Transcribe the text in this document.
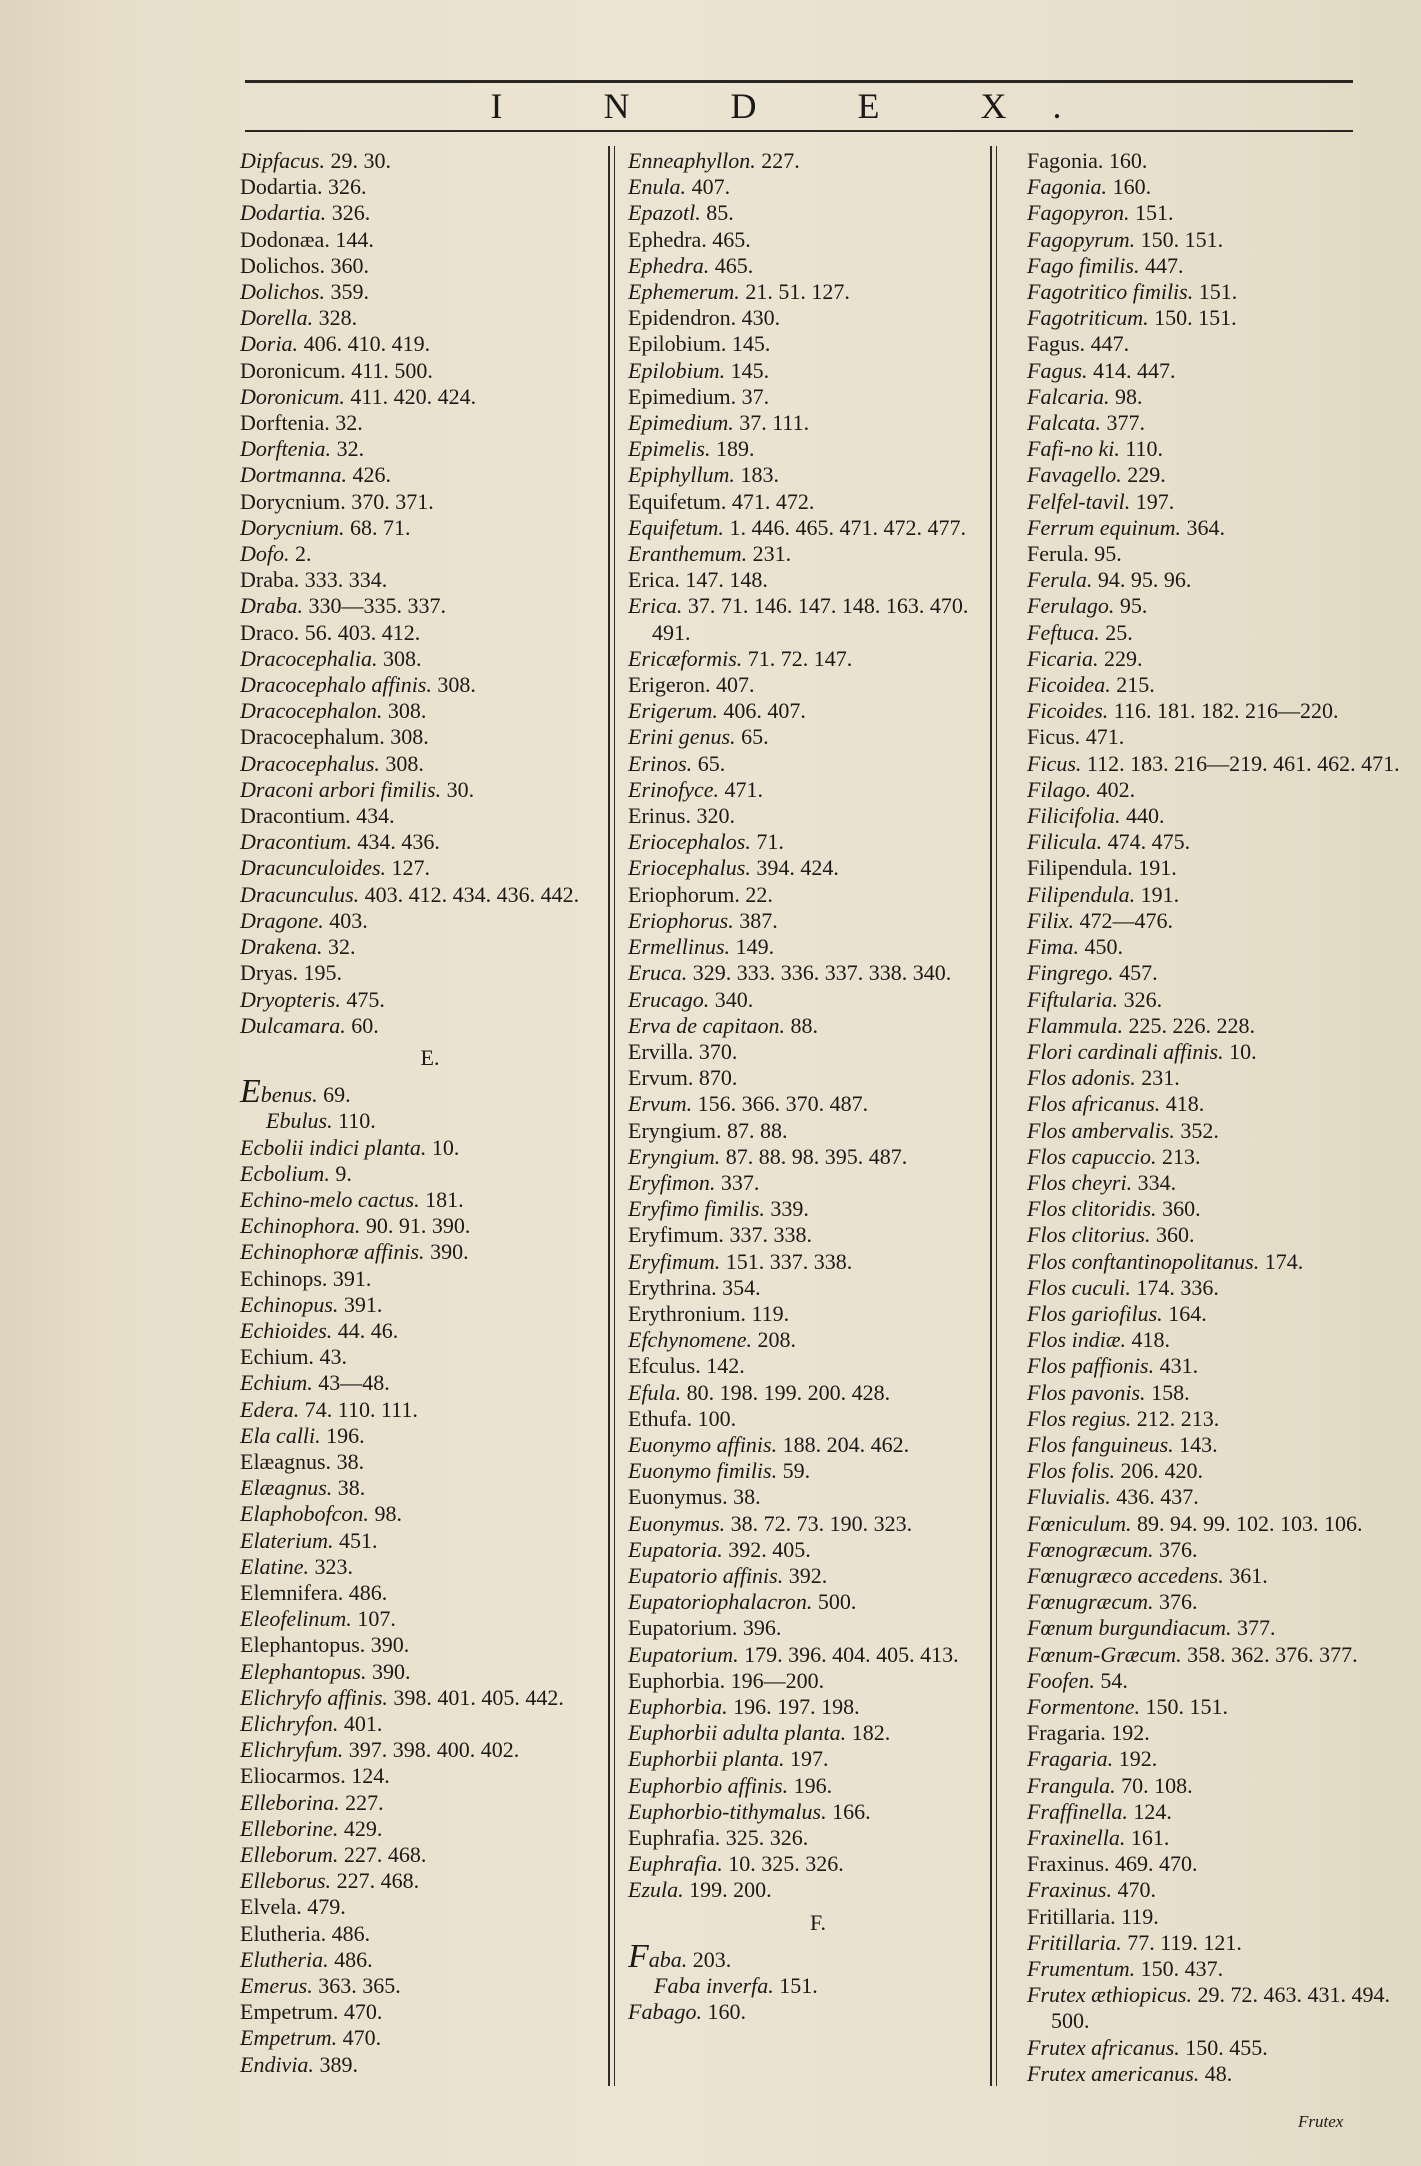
I N D E X.
Dipfacus. 29. 30.
Dodartia. 326.
Dodartia. 326.
Dodonæa. 144.
Dolichos. 360.
Dolichos. 359.
Dorella. 328.
Doria. 406. 410. 419.
Doronicum. 411. 500.
Doronicum. 411. 420. 424.
Dorftenia. 32.
Dorftenia. 32.
Dortmanna. 426.
Dorycnium. 370. 371.
Dorycnium. 68. 71.
Dofo. 2.
Draba. 333. 334.
Draba. 330—335. 337.
Draco. 56. 403. 412.
Dracocephalia. 308.
Dracocephalo affinis. 308.
Dracocephalon. 308.
Dracocephalum. 308.
Dracocephalus. 308.
Draconi arbori fimilis. 30.
Dracontium. 434.
Dracontium. 434. 436.
Dracunculoides. 127.
Dracunculus. 403. 412. 434. 436. 442.
Dragone. 403.
Drakena. 32.
Dryas. 195.
Dryopteris. 475.
Dulcamara. 60.
E.
Ebenus. 69.
Ebulus. 110.
Ecbolii indici planta. 10.
Ecbolium. 9.
Echino-melo cactus. 181.
Echinophora. 90. 91. 390.
Echinophoræ affinis. 390.
Echinops. 391.
Echinopus. 391.
Echioides. 44. 46.
Echium. 43.
Echium. 43—48.
Edera. 74. 110. 111.
Ela calli. 196.
Elæagnus. 38.
Elæagnus. 38.
Elaphobofcon. 98.
Elaterium. 451.
Elatine. 323.
Elemnifera. 486.
Eleofelinum. 107.
Elephantopus. 390.
Elephantopus. 390.
Elichryfo affinis. 398. 401. 405. 442.
Elichryfon. 401.
Elichryfum. 397. 398. 400. 402.
Eliocarmos. 124.
Elleborina. 227.
Elleborine. 429.
Elleborum. 227. 468.
Elleborus. 227. 468.
Elvela. 479.
Elutheria. 486.
Elutheria. 486.
Emerus. 363. 365.
Empetrum. 470.
Empetrum. 470.
Endivia. 389.
Enneaphyllon. 227.
Enula. 407.
Epazotl. 85.
Ephedra. 465.
Ephedra. 465.
Ephemerum. 21. 51. 127.
Epidendron. 430.
Epilobium. 145.
Epilobium. 145.
Epimedium. 37.
Epimedium. 37. 111.
Epimelis. 189.
Epiphyllum. 183.
Equifetum. 471. 472.
Equifetum. 1. 446. 465. 471. 472. 477.
Eranthemum. 231.
Erica. 147. 148.
Erica. 37. 71. 146. 147. 148. 163. 470. 491.
Ericæformis. 71. 72. 147.
Erigeron. 407.
Erigerum. 406. 407.
Erini genus. 65.
Erinos. 65.
Erinofyce. 471.
Erinus. 320.
Eriocephalos. 71.
Eriocephalus. 394. 424.
Eriophorum. 22.
Eriophorus. 387.
Ermellinus. 149.
Eruca. 329. 333. 336. 337. 338. 340.
Erucago. 340.
Erva de capitaon. 88.
Ervilla. 370.
Ervum. 870.
Ervum. 156. 366. 370. 487.
Eryngium. 87. 88.
Eryngium. 87. 88. 98. 395. 487.
Eryfimon. 337.
Eryfimo fimilis. 339.
Eryfimum. 337. 338.
Eryfimum. 151. 337. 338.
Erythrina. 354.
Erythronium. 119.
Efchynomene. 208.
Efculus. 142.
Efula. 80. 198. 199. 200. 428.
Ethufa. 100.
Euonymo affinis. 188. 204. 462.
Euonymo fimilis. 59.
Euonymus. 38.
Euonymus. 38. 72. 73. 190. 323.
Eupatoria. 392. 405.
Eupatorio affinis. 392.
Eupatoriophalacron. 500.
Eupatorium. 396.
Eupatorium. 179. 396. 404. 405. 413.
Euphorbia. 196—200.
Euphorbia. 196. 197. 198.
Euphorbii adulta planta. 182.
Euphorbii planta. 197.
Euphorbio affinis. 196.
Euphorbio-tithymalus. 166.
Euphrafia. 325. 326.
Euphrafia. 10. 325. 326.
Ezula. 199. 200.
F.
Faba. 203.
Faba inverfa. 151.
Fabago. 160.
Fagonia. 160.
Fagonia. 160.
Fagopyron. 151.
Fagopyrum. 150. 151.
Fago fimilis. 447.
Fagotritico fimilis. 151.
Fagotriticum. 150. 151.
Fagus. 447.
Fagus. 414. 447.
Falcaria. 98.
Falcata. 377.
Fafi-no ki. 110.
Favagello. 229.
Felfel-tavil. 197.
Ferrum equinum. 364.
Ferula. 95.
Ferula. 94. 95. 96.
Ferulago. 95.
Feftuca. 25.
Ficaria. 229.
Ficoidea. 215.
Ficoides. 116. 181. 182. 216—220.
Ficus. 471.
Ficus. 112. 183. 216—219. 461. 462. 471.
Filago. 402.
Filicifolia. 440.
Filicula. 474. 475.
Filipendula. 191.
Filipendula. 191.
Filix. 472—476.
Fima. 450.
Fingrego. 457.
Fiftularia. 326.
Flammula. 225. 226. 228.
Flori cardinali affinis. 10.
Flos adonis. 231.
Flos africanus. 418.
Flos ambervalis. 352.
Flos capuccio. 213.
Flos cheyri. 334.
Flos clitoridis. 360.
Flos clitorius. 360.
Flos conftantinopolitanus. 174.
Flos cuculi. 174. 336.
Flos gariofilus. 164.
Flos indiæ. 418.
Flos paffionis. 431.
Flos pavonis. 158.
Flos regius. 212. 213.
Flos fanguineus. 143.
Flos folis. 206. 420.
Fluvialis. 436. 437.
Fœniculum. 89. 94. 99. 102. 103. 106.
Fœnogræcum. 376.
Fœnugræco accedens. 361.
Fœnugræcum. 376.
Fœnum burgundiacum. 377.
Fœnum-Græcum. 358. 362. 376. 377.
Foofen. 54.
Formentone. 150. 151.
Fragaria. 192.
Fragaria. 192.
Frangula. 70. 108.
Fraffinella. 124.
Fraxinella. 161.
Fraxinus. 469. 470.
Fraxinus. 470.
Fritillaria. 119.
Fritillaria. 77. 119. 121.
Frumentum. 150. 437.
Frutex æthiopicus. 29. 72. 463. 431. 494. 500.
Frutex africanus. 150. 455.
Frutex americanus. 48.
Frutex
